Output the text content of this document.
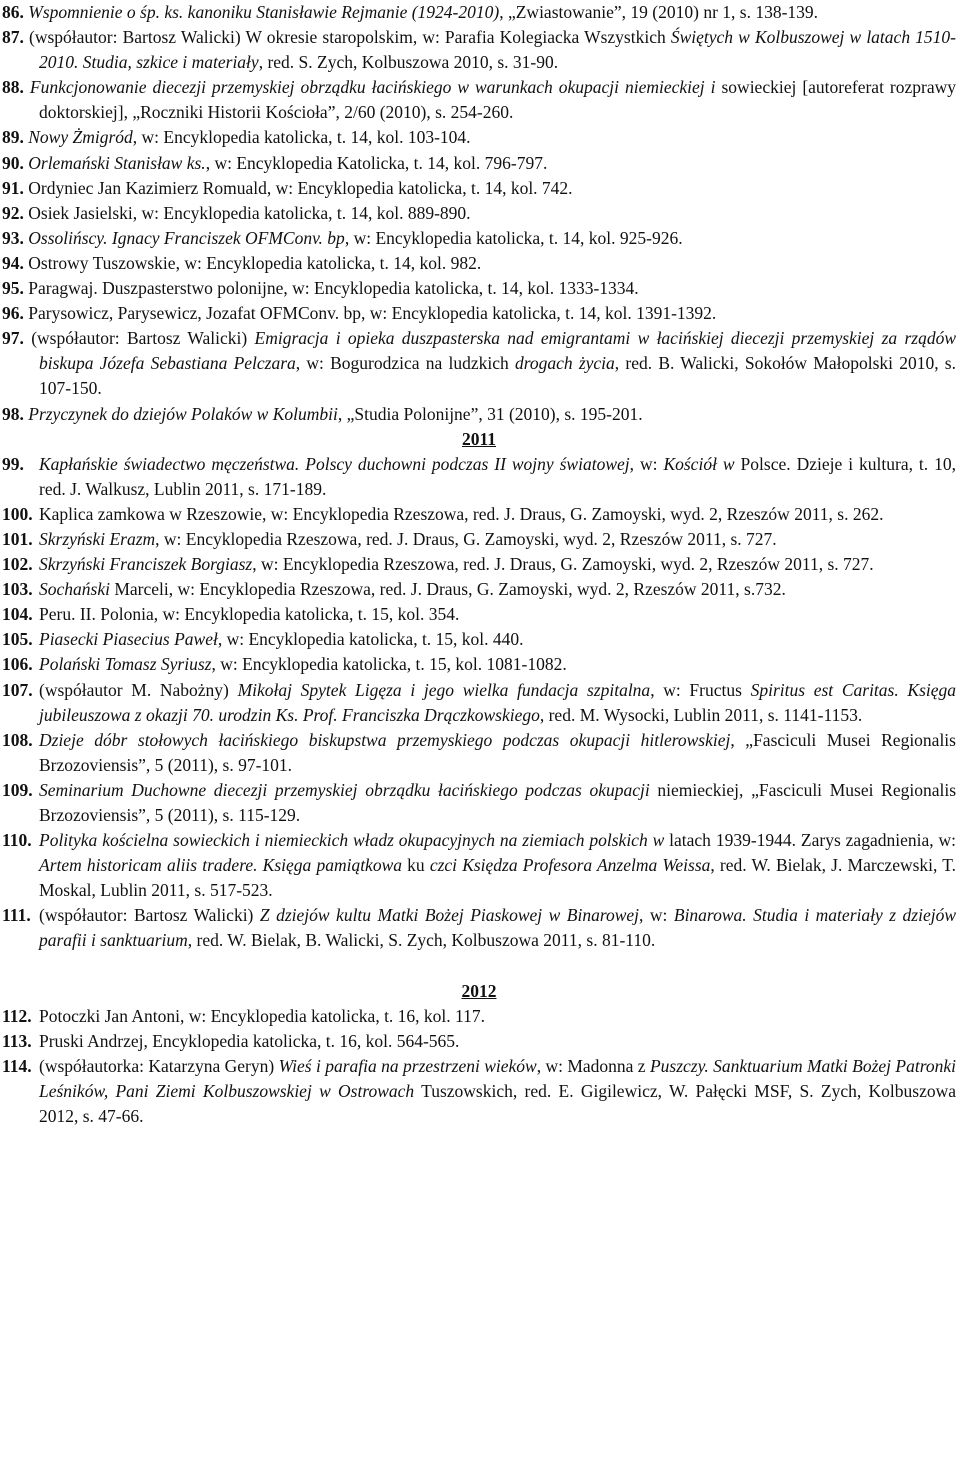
86. Wspomnienie o śp. ks. kanoniku Stanisławie Rejmanie (1924-2010), „Zwiastowanie”, 19 (2010) nr 1, s. 138-139.

87. (współautor: Bartosz Walicki) W okresie staropolskim, w: Parafia Kolegiacka Wszystkich Świętych w Kolbuszowej w latach 1510-2010. Studia, szkice i materiały, red. S. Zych, Kolbuszowa 2010, s. 31-90.

88. Funkcjonowanie diecezji przemyskiej obrządku łacińskiego w warunkach okupacji niemieckiej i sowieckiej [autoreferat rozprawy doktorskiej], „Roczniki Historii Kościoła”, 2/60 (2010), s. 254-260.

89. Nowy Żmigród, w: Encyklopedia katolicka, t. 14, kol. 103-104.

90. Orlemański Stanisław ks., w: Encyklopedia Katolicka, t. 14, kol. 796-797.

91. Ordyniec Jan Kazimierz Romuald, w: Encyklopedia katolicka, t. 14, kol. 742.

92. Osiek Jasielski, w: Encyklopedia katolicka, t. 14, kol. 889-890.

93. Ossolińscy. Ignacy Franciszek OFMConv. bp, w: Encyklopedia katolicka, t. 14, kol. 925-926.

94. Ostrowy Tuszowskie, w: Encyklopedia katolicka, t. 14, kol. 982.

95. Paragwaj. Duszpasterstwo polonijne, w: Encyklopedia katolicka, t. 14, kol. 1333-1334.

96. Parysowicz, Parysewicz, Jozafat OFMConv. bp, w: Encyklopedia katolicka, t. 14, kol. 1391-1392.

97. (współautor: Bartosz Walicki) Emigracja i opieka duszpasterska nad emigrantami w łacińskiej diecezji przemyskiej za rządów biskupa Józefa Sebastiana Pelczara, w: Bogurodzica na ludzkich drogach życia, red. B. Walicki, Sokołów Małopolski 2010, s. 107-150.

98. Przyczynek do dziejów Polaków w Kolumbii, „Studia Polonijne”, 31 (2010), s. 195-201.

2011

99. Kapłańskie świadectwo męczeństwa. Polscy duchowni podczas II wojny światowej, w: Kościół w Polsce. Dzieje i kultura, t. 10, red. J. Walkusz, Lublin 2011, s. 171-189.

100. Kaplica zamkowa w Rzeszowie, w: Encyklopedia Rzeszowa, red. J. Draus, G. Zamoyski, wyd. 2, Rzeszów 2011, s. 262.

101. Skrzyński Erazm, w: Encyklopedia Rzeszowa, red. J. Draus, G. Zamoyski, wyd. 2, Rzeszów 2011, s. 727.

102. Skrzyński Franciszek Borgiasz, w: Encyklopedia Rzeszowa, red. J. Draus, G. Zamoyski, wyd. 2, Rzeszów 2011, s. 727.

103. Sochański Marceli, w: Encyklopedia Rzeszowa, red. J. Draus, G. Zamoyski, wyd. 2, Rzeszów 2011, s.732.

104. Peru. II. Polonia, w: Encyklopedia katolicka, t. 15, kol. 354.

105. Piasecki Piasecius Paweł, w: Encyklopedia katolicka, t. 15, kol. 440.

106. Polański Tomasz Syriusz, w: Encyklopedia katolicka, t. 15, kol. 1081-1082.

107. (współautor M. Nabożny) Mikołaj Spytek Ligęza i jego wielka fundacja szpitalna, w: Fructus Spiritus est Caritas. Księga jubileuszowa z okazji 70. urodzin Ks. Prof. Franciszka Drączkowskiego, red. M. Wysocki, Lublin 2011, s. 1141-1153.

108. Dzieje dóbr stołowych łacińskiego biskupstwa przemyskiego podczas okupacji hitlerowskiej, „Fasciculi Musei Regionalis Brzozoviensis”, 5 (2011), s. 97-101.

109. Seminarium Duchowne diecezji przemyskiej obrządku łacińskiego podczas okupacji niemieckiej, „Fasciculi Musei Regionalis Brzozoviensis”, 5 (2011), s. 115-129.

110. Polityka kościelna sowieckich i niemieckich władz okupacyjnych na ziemiach polskich w latach 1939-1944. Zarys zagadnienia, w: Artem historicam aliis tradere. Księga pamiątkowa ku czci Księdza Profesora Anzelma Weissa, red. W. Bielak, J. Marczewski, T. Moskal, Lublin 2011, s. 517-523.

111. (współautor: Bartosz Walicki) Z dziejów kultu Matki Bożej Piaskowej w Binarowej, w: Binarowa. Studia i materiały z dziejów parafii i sanktuarium, red. W. Bielak, B. Walicki, S. Zych, Kolbuszowa 2011, s. 81-110.

2012

112. Potoczki Jan Antoni, w: Encyklopedia katolicka, t. 16, kol. 117.

113. Pruski Andrzej, Encyklopedia katolicka, t. 16, kol. 564-565.

114. (współautorka: Katarzyna Geryn) Wieś i parafia na przestrzeni wieków, w: Madonna z Puszczy. Sanktuarium Matki Bożej Patronki Leśników, Pani Ziemi Kolbuszowskiej w Ostrowach Tuszowskich, red. E. Gigilewicz, W. Pałęcki MSF, S. Zych, Kolbuszowa 2012, s. 47-66.
